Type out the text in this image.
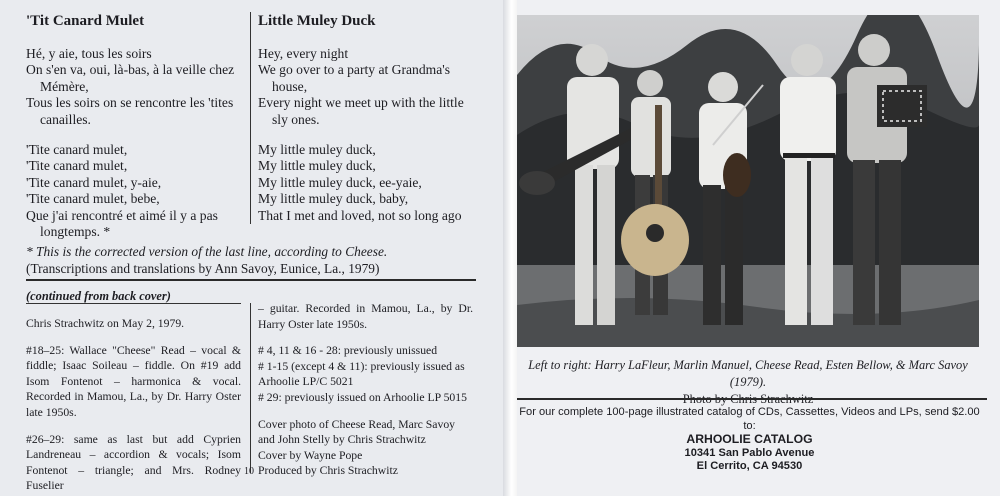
'Tit Canard Mulet

Hé, y aie, tous les soirs

On s'en va, oui, là-bas, à la veille chez Mémère,

Tous les soirs on se rencontre les 'tites canailles.

'Tite canard mulet,

'Tite canard mulet,

'Tite canard mulet, y-aie,

'Tite canard mulet, bebe,

Que j'ai rencontré et aimé il y a pas longtemps. *

Little Muley Duck

Hey, every night

We go over to a party at Grandma's house,

Every night we meet up with the little sly ones.

My little muley duck,

My little muley duck,

My little muley duck, ee-yaie,

My little muley duck, baby,

That I met and loved, not so long ago

* This is the corrected version of the last line, according to Cheese.

(Transcriptions and translations by Ann Savoy, Eunice, La., 1979)

(continued from back cover)

Chris Strachwitz on May 2, 1979.

#18–25: Wallace "Cheese" Read – vocal & fiddle; Isaac Soileau – fiddle. On #19 add Isom Fontenot – harmonica & vocal. Recorded in Mamou, La., by Dr. Harry Oster late 1950s.

#26–29: same as last but add Cyprien Landreneau – accordion & vocals; Isom Fontenot – triangle; and Mrs. Rodney Fuselier

– guitar. Recorded in Mamou, La., by Dr. Harry Oster late 1950s.

# 4, 11 & 16 - 28: previously unissued
# 1-15 (except 4 & 11): previously issued as Arhoolie LP/C 5021
# 29: previously issued on Arhoolie LP 5015

Cover photo of Cheese Read, Marc Savoy and John Stelly by Chris Strachwitz
Cover by Wayne Pope
Produced by Chris Strachwitz

10

Left to right: Harry LaFleur, Marlin Manuel, Cheese Read, Esten Bellow, & Marc Savoy (1979).

For our complete 100-page illustrated catalog of CDs, Cassettes, Videos and LPs, send $2.00 to:

ARHOOLIE CATALOG

10341 San Pablo Avenue

El Cerrito, CA 94530
